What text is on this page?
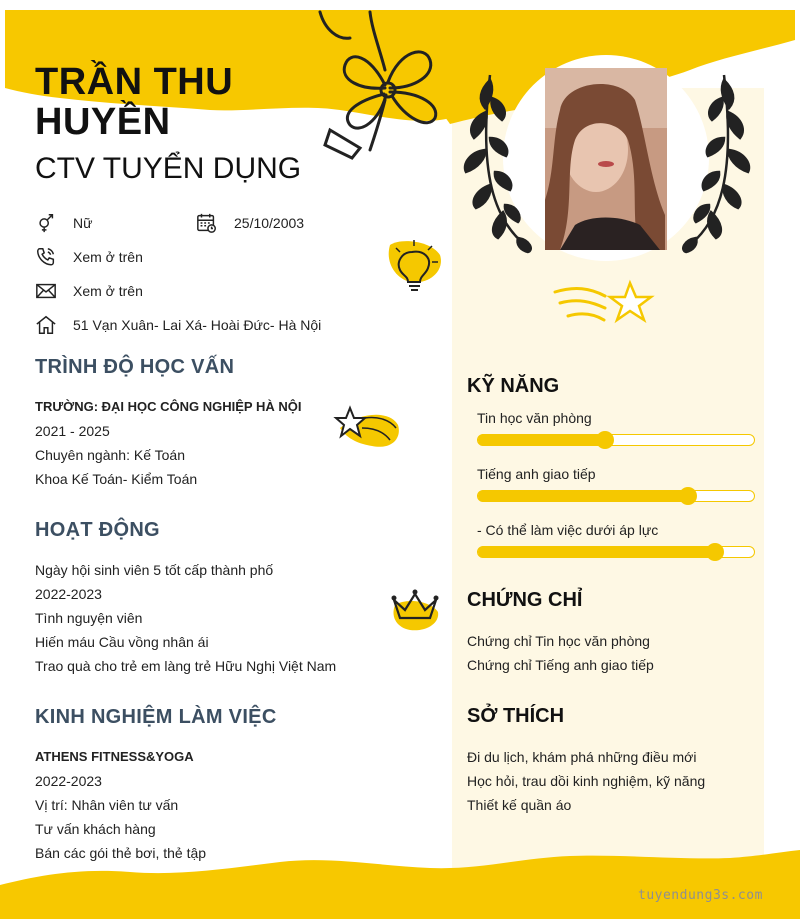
TRẦN THU
HUYỀN
CTV TUYỂN DỤNG
Nữ	25/10/2003
Xem ở trên
Xem ở trên
51 Vạn Xuân- Lai Xá- Hoài Đức- Hà Nội
TRÌNH ĐỘ HỌC VẤN
TRƯỜNG: ĐẠI HỌC CÔNG NGHIỆP HÀ NỘI
2021 - 2025
Chuyên ngành: Kế Toán
Khoa Kế Toán- Kiểm Toán
HOẠT ĐỘNG
Ngày hội sinh viên 5 tốt cấp thành phố
2022-2023
Tình nguyện viên
Hiến máu Cầu vồng nhân ái
Trao quà cho trẻ em làng trẻ Hữu Nghị Việt Nam
KINH NGHIỆM LÀM VIỆC
ATHENS FITNESS&YOGA
2022-2023
Vị trí: Nhân viên tư vấn
Tư vấn khách hàng
Bán các gói thẻ bơi, thẻ tập
KỸ NĂNG
Tin học văn phòng
Tiếng anh giao tiếp
- Có thể làm việc dưới áp lực
CHỨNG CHỈ
Chứng chỉ Tin học văn phòng
Chứng chỉ Tiếng anh giao tiếp
SỞ THÍCH
Đi du lịch, khám phá những điều mới
Học hỏi, trau dồi kinh nghiệm, kỹ năng
Thiết kế quần áo
tuyendung3s.com
